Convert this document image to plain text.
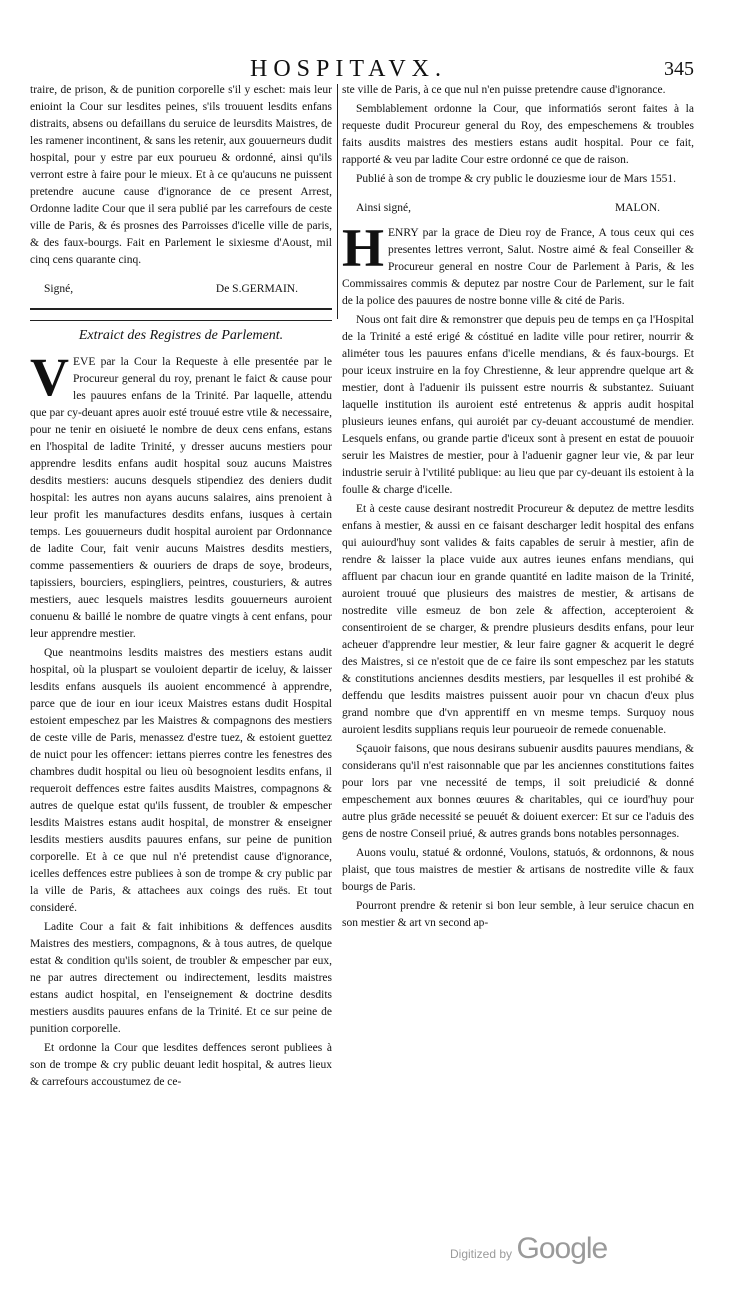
HOSPITAVX.	345

traire, de prison, & de punition corporelle s'il y eschet: mais leur enioint la Cour sur lesdites peines, s'ils trouuent lesdits enfans distraits, absens ou defaillans du seruice de leursdits Maistres, de les ramener incontinent, & sans les retenir, aux gouuerneurs dudit hospital, pour y estre par eux pourueu & ordonné, ainsi qu'ils verront estre à faire pour le mieux. Et à ce qu'aucuns ne puissent pretendre aucune cause d'ignorance de ce present Arrest, Ordonne ladite Cour que il sera publié par les carrefours de ceste ville de Paris, & és prosnes des Parroisses d'icelle ville de paris, & des faux-bourgs. Fait en Parlement le sixiesme d'Aoust, mil cinq cens quarante cinq.

Signé,	De S.GERMAIN.
Extraict des Registres de Parlement.

VEVE par la Cour la Requeste à elle presentée par le Procureur general du roy, prenant le faict & cause pour les pauures enfans de la Trinité. Par laquelle, attendu que par cy-deuant apres auoir esté trouué estre vtile & necessaire, pour ne tenir en oisiueté le nombre de deux cens enfans, estans en l'hospital de ladite Trinité, y dresser aucuns mestiers pour apprendre lesdits enfans audit hospital souz aucuns Maistres desdits mestiers: aucuns desquels stipendiez des deniers dudit hospital: les autres non ayans aucuns salaires, ains prenoient à leur profit les manufactures desdits enfans, iusques à certain temps. Les gouuerneurs dudit hospital auroient par Ordonnance de ladite Cour, fait venir aucuns Maistres desdits mestiers, comme passementiers & ouuriers de draps de soye, brodeurs, tapissiers, bourciers, espingliers, peintres, cousturiers, & autres mestiers, auec lesquels maistres lesdits gouuerneurs auroient conuenu & baillé le nombre de quatre vingts à cent enfans, pour leur apprendre mestier.

Que neantmoins lesdits maistres des mestiers estans audit hospital, où la pluspart se vouloient departir de iceluy, & laisser lesdits enfans ausquels ils auoient encommencé à apprendre, parce que de iour en iour iceux Maistres estans dudit Hospital estoient empeschez par les Maistres & compagnons des mestiers de ceste ville de Paris, menassez d'estre tuez, & estoient guettez de nuict pour les offencer: iettans pierres contre les fenestres des chambres dudit hospital ou lieu où besognoient lesdits enfans, il requeroit deffences estre faites ausdits Maistres, compagnons & autres de quelque estat qu'ils fussent, de troubler & empescher lesdits Maistres estans audit hospital, de monstrer & enseigner lesdits mestiers ausdits pauures enfans, sur peine de punition corporelle. Et à ce que nul n'é pretendist cause d'ignorance, icelles deffences estre publiees à son de trompe & cry public par la ville de Paris, & attachees aux coings des ruës. Et tout consideré.

Ladite Cour a fait & fait inhibitions & deffences ausdits Maistres des mestiers, compagnons, & à tous autres, de quelque estat & condition qu'ils soient, de troubler & empescher par eux, ne par autres directement ou indirectement, lesdits maistres estans audict hospital, en l'enseignement & doctrine desdits mestiers ausdits pauures enfans de la Trinité. Et ce sur peine de punition corporelle.

Et ordonne la Cour que lesdites deffences seront publiees à son de trompe & cry public deuant ledit hospital, & autres lieux & carrefours accoustumez de ce-

ste ville de Paris, à ce que nul n'en puisse pretendre cause d'ignorance.

Semblablement ordonne la Cour, que informatiós seront faites à la requeste dudit Procureur general du Roy, des empeschemens & troubles faits ausdits maistres des mestiers estans audit hospital. Pour ce fait, rapporté & veu par ladite Cour estre ordonné ce que de raison.

Publié à son de trompe & cry public le douziesme iour de Mars 1551.

Ainsi signé,	MALON.

HENRY par la grace de Dieu roy de France, A tous ceux qui ces presentes lettres verront, Salut. Nostre aimé & feal Conseiller & Procureur general en nostre Cour de Parlement à Paris, & les Commissaires commis & deputez par nostre Cour de Parlement, sur le fait de la police des pauures de nostre bonne ville & cité de Paris.

Nous ont fait dire & remonstrer que depuis peu de temps en ça l'Hospital de la Trinité a esté erigé & cóstitué en ladite ville pour retirer, nourrir & aliméter tous les pauures enfans d'icelle mendians, & és faux-bourgs. Et pour iceux instruire en la foy Chrestienne, & leur apprendre quelque art & mestier, dont à l'aduenir ils puissent estre nourris & substantez. Suiuant laquelle institution ils auroient esté entretenus & appris audit hospital plusieurs ieunes enfans, qui auroiét par cy-deuant accoustumé de mendier. Lesquels enfans, ou grande partie d'iceux sont à present en estat de pouuoir seruir les Maistres de mestier, pour à l'aduenir gagner leur vie, & par leur industrie seruir à l'vtilité publique: au lieu que par cy-deuant ils estoient à la foulle & charge d'icelle.

Et à ceste cause desirant nostredit Procureur & deputez de mettre lesdits enfans à mestier, & aussi en ce faisant descharger ledit hospital des enfans qui auiourd'huy sont valides & faits capables de seruir à mestier, afin de rendre & laisser la place vuide aux autres ieunes enfans mendians, qui affluent par chacun iour en grande quantité en ladite maison de la Trinité, auroient trouué que plusieurs des maistres de mestier, & artisans de nostredite ville esmeuz de bon zele & affection, accepteroient & consentiroient de se charger, & prendre plusieurs desdits enfans, pour leur acheuer d'apprendre leur mestier, & leur faire gagner & acquerit le degré des Maistres, si ce n'estoit que de ce faire ils sont empeschez par les statuts & constitutions anciennes desdits mestiers, par lesquelles il est prohibé & deffendu que lesdits maistres puissent auoir pour vn chacun d'eux plus grand nombre que d'vn apprentiff en vn mesme temps. Surquoy nous auroient lesdits supplians requis leur pourueoir de remede conuenable.

Sçauoir faisons, que nous desirans subuenir ausdits pauures mendians, & considerans qu'il n'est raisonnable que par les anciennes constitutions faites pour lors par vne necessité de temps, il soit preiudicié & donné empeschement aux bonnes œuures & charitables, qui ce iourd'huy pour autre plus grāde necessité se peuuét & doiuent exercer: Et sur ce l'aduis des gens de nostre Conseil priué, & autres grands bons notables personnages.

Auons voulu, statué & ordonné, Voulons, statuós, & ordonnons, & nous plaist, que tous maistres de mestier & artisans de nostredite ville & faux bourgs de Paris.

Pourront prendre & retenir si bon leur semble, à leur seruice chacun en son mestier & art vn second ap-

Digitized by Google
